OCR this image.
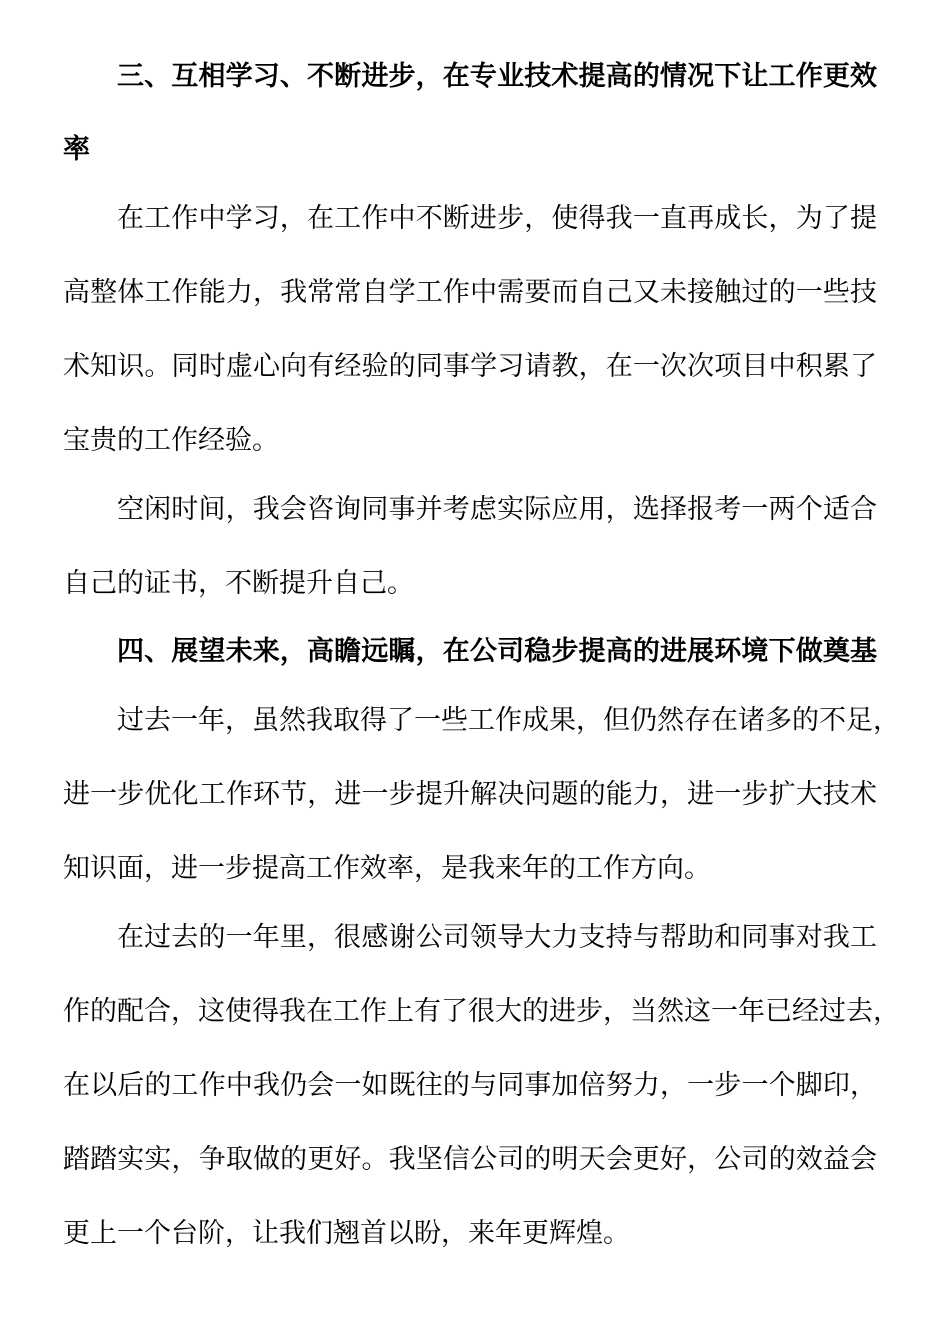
三、互相学习、不断进步，在专业技术提高的情况下让工作更效
率
在工作中学习，在工作中不断进步，使得我一直再成长，为了提
高整体工作能力，我常常自学工作中需要而自己又未接触过的一些技
术知识。同时虚心向有经验的同事学习请教，在一次次项目中积累了
宝贵的工作经验。
空闲时间，我会咨询同事并考虑实际应用，选择报考一两个适合
自己的证书，不断提升自己。
四、展望未来，高瞻远瞩，在公司稳步提高的进展环境下做奠基
过去一年，虽然我取得了一些工作成果，但仍然存在诸多的不足，
进一步优化工作环节，进一步提升解决问题的能力，进一步扩大技术
知识面，进一步提高工作效率，是我来年的工作方向。
在过去的一年里，很感谢公司领导大力支持与帮助和同事对我工
作的配合，这使得我在工作上有了很大的进步，当然这一年已经过去，
在以后的工作中我仍会一如既往的与同事加倍努力，一步一个脚印，
踏踏实实，争取做的更好。我坚信公司的明天会更好，公司的效益会
更上一个台阶，让我们翘首以盼，来年更辉煌。
